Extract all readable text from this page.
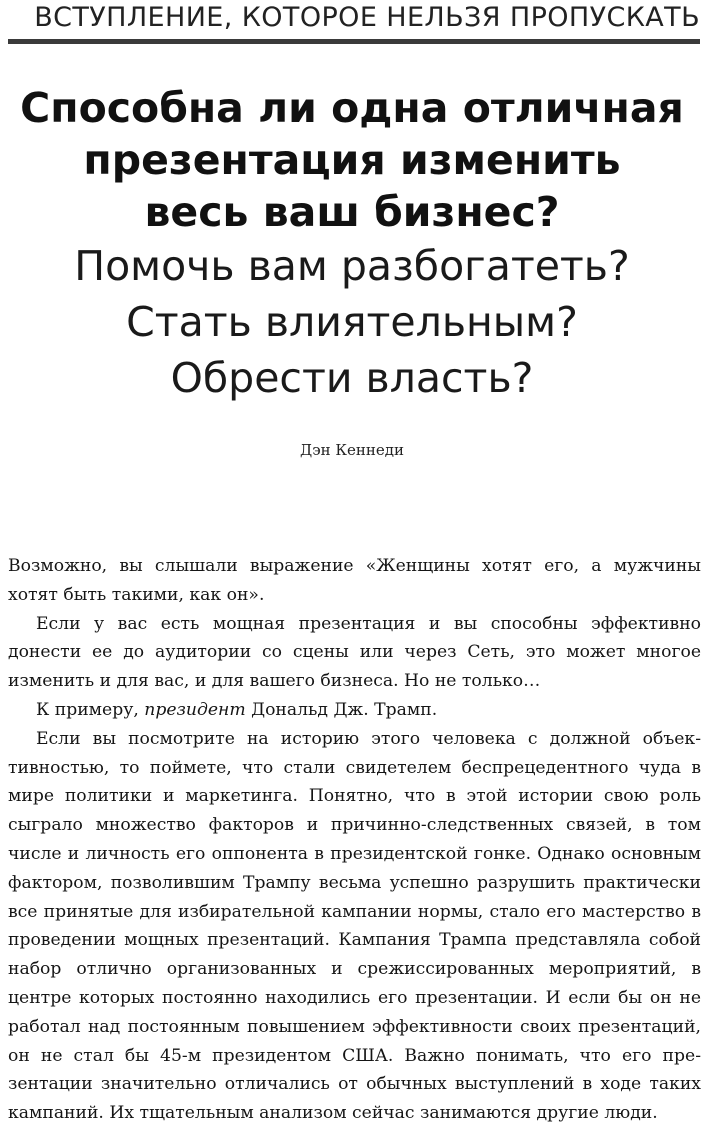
ВСТУПЛЕНИЕ, КОТОРОЕ НЕЛЬЗЯ ПРОПУСКАТЬ

Способна ли одна отличная

презентация изменить

весь ваш бизнес?

Помочь вам разбогатеть?

Стать влиятельным?

Обрести власть?

Дэн Кеннеди

Возможно, вы слышали выражение «Женщины хотят его, а мужчины хотят быть такими, как он».

Если у вас есть мощная презентация и вы способны эффективно донести ее до аудитории со сцены или через Сеть, это может многое изменить и для вас, и для вашего бизнеса. Но не только…

К примеру, президент Дональд Дж. Трамп.

Если вы посмотрите на историю этого человека с должной объективностью, то поймете, что стали свидетелем беспрецедентного чуда в мире политики и маркетинга. Понятно, что в этой истории свою роль сыграло множество факторов и причинно-следственных связей, в том числе и личность его оппонента в президентской гонке. Однако основным фактором, позволившим Трампу весьма успешно разрушить практически все принятые для избирательной кампании нормы, стало его мастерство в проведении мощных презентаций. Кампания Трампа представляла собой набор отлично организованных и срежиссированных мероприятий, в центре которых постоянно находились его презентации. И если бы он не работал над постоянным повышением эффективности своих презентаций, он не стал бы 45-м президентом США. Важно понимать, что его презентации значительно отличались от обычных выступлений в ходе таких кампаний. Их тщательным анализом сейчас занимаются другие люди.
